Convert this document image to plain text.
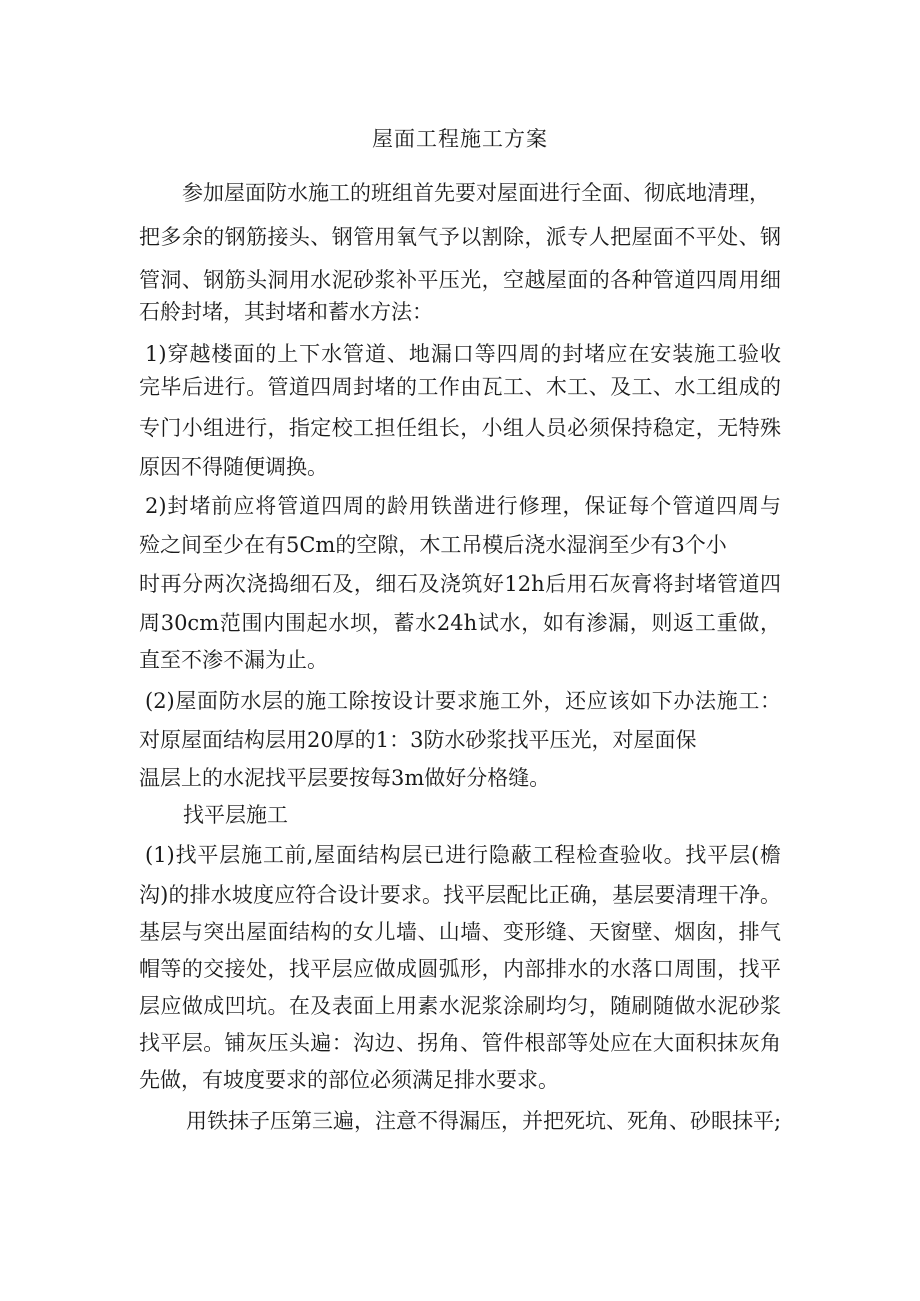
屋面工程施工方案
参加屋面防水施工的班组首先要对屋面进行全面、彻底地清理，
把多余的钢筋接头、钢管用氧气予以割除，派专人把屋面不平处、钢
管洞、钢筋头洞用水泥砂浆补平压光，空越屋面的各种管道四周用细
石舲封堵，其封堵和蓄水方法：
1)穿越楼面的上下水管道、地漏口等四周的封堵应在安装施工验收
完毕后进行。管道四周封堵的工作由瓦工、木工、及工、水工组成的
专门小组进行，指定校工担任组长，小组人员必须保持稳定，无特殊
原因不得随便调换。
2)封堵前应将管道四周的龄用铁凿进行修理，保证每个管道四周与
殓之间至少在有5Cm的空隙，木工吊模后浇水湿润至少有3个小
时再分两次浇捣细石及，细石及浇筑好12h后用石灰膏将封堵管道四
周30cm范围内围起水坝，蓄水24h试水，如有渗漏，则返工重做，
直至不渗不漏为止。
(2)屋面防水层的施工除按设计要求施工外，还应该如下办法施工：
对原屋面结构层用20厚的1：3防水砂浆找平压光，对屋面保
温层上的水泥找平层要按每3m做好分格缝。
找平层施工
(1)找平层施工前,屋面结构层已进行隐蔽工程检查验收。找平层(檐
沟)的排水坡度应符合设计要求。找平层配比正确，基层要清理干净。
基层与突出屋面结构的女儿墙、山墙、变形缝、天窗壁、烟囱，排气
帽等的交接处，找平层应做成圆弧形，内部排水的水落口周围，找平
层应做成凹坑。在及表面上用素水泥浆涂刷均匀，随刷随做水泥砂浆
找平层。铺灰压头遍：沟边、拐角、管件根部等处应在大面积抹灰角
先做，有坡度要求的部位必须满足排水要求。
用铁抹子压第三遍，注意不得漏压，并把死坑、死角、砂眼抹平;
